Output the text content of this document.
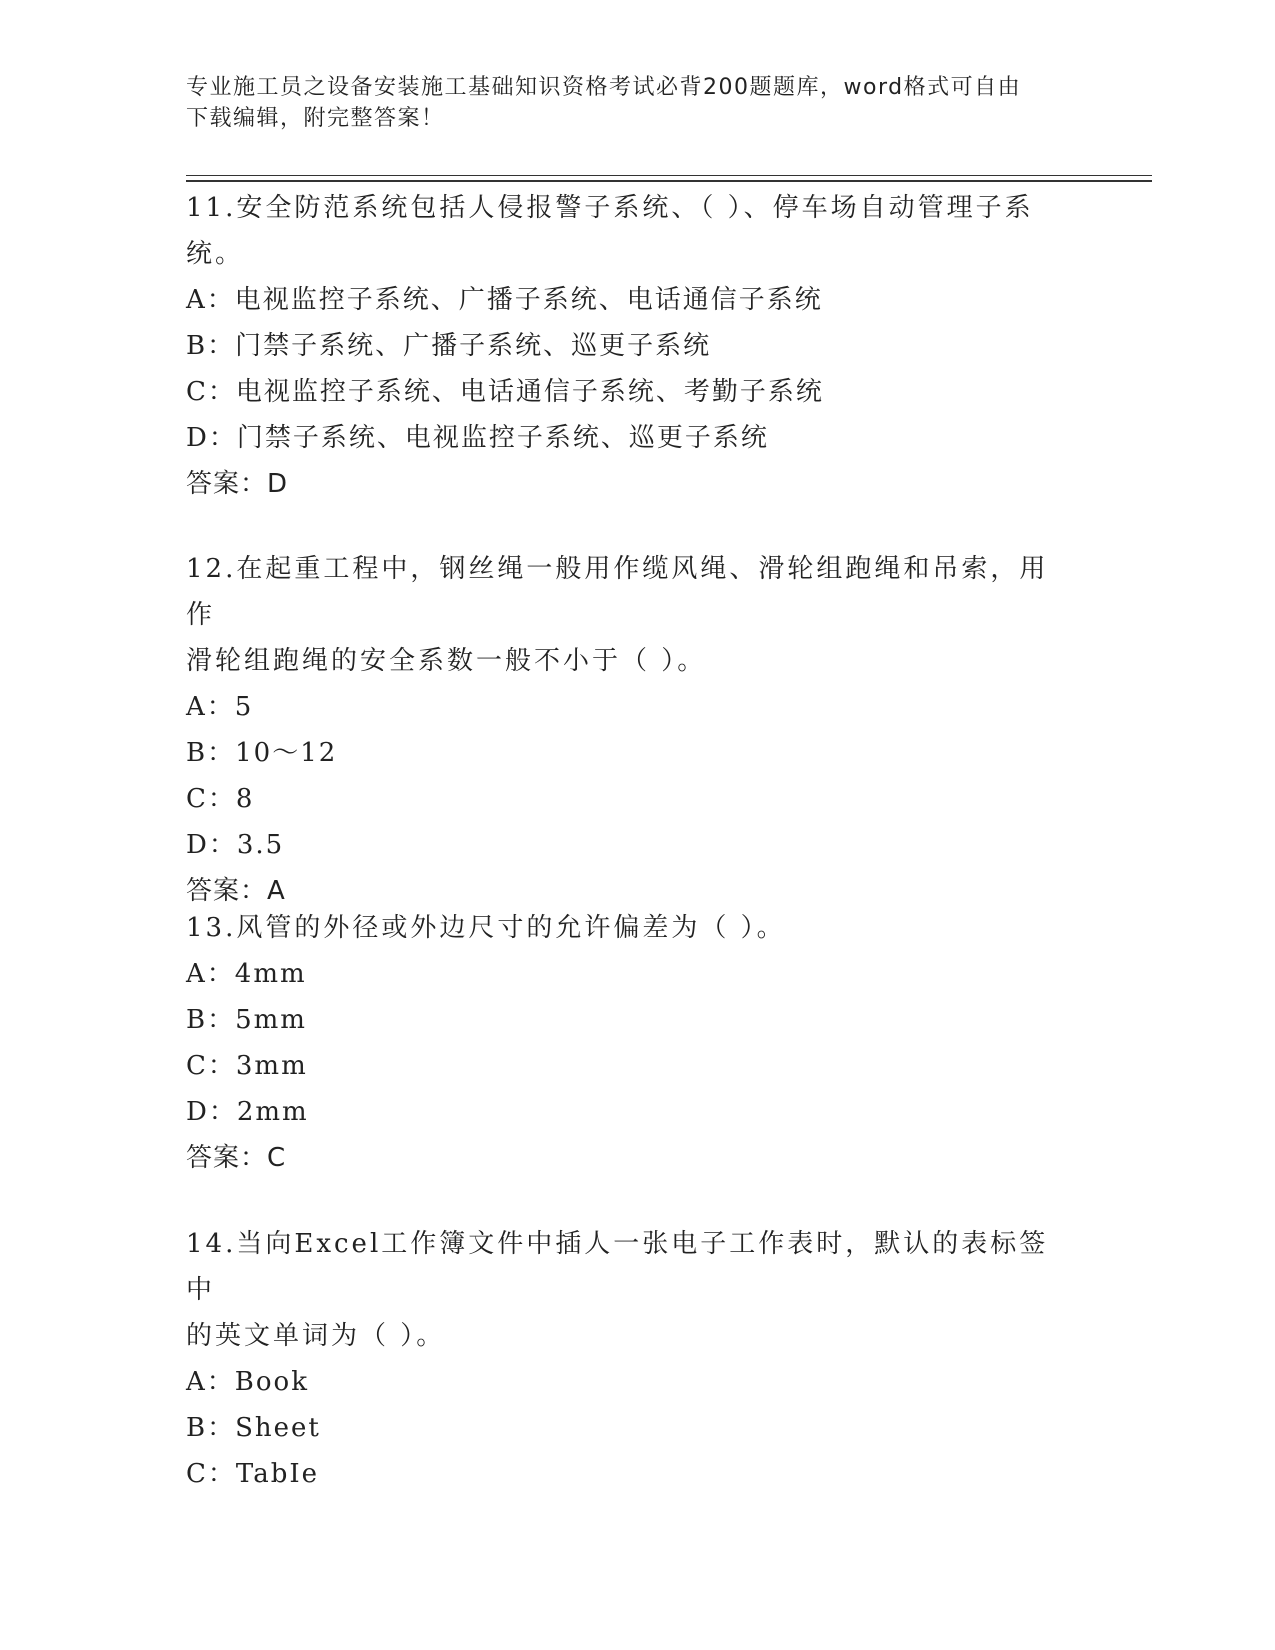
专业施工员之设备安装施工基础知识资格考试必背200题题库，word格式可自由
下载编辑，附完整答案！

11.安全防范系统包括人侵报警子系统、（ ）、停车场自动管理子系

统。

A：电视监控子系统、广播子系统、电话通信子系统

B：门禁子系统、广播子系统、巡更子系统

C：电视监控子系统、电话通信子系统、考勤子系统

D：门禁子系统、电视监控子系统、巡更子系统

答案：D

12.在起重工程中，钢丝绳一般用作缆风绳、滑轮组跑绳和吊索，用作

滑轮组跑绳的安全系数一般不小于（ ）。

A：5

B：10～12

C：8

D：3.5

答案：A

13.风管的外径或外边尺寸的允许偏差为（ ）。

A：4mm

B：5mm

C：3mm

D：2mm

答案：C

14.当向Excel工作簿文件中插人一张电子工作表时，默认的表标签中

的英文单词为（ ）。

A：Book

B：Sheet

C：TabIe
